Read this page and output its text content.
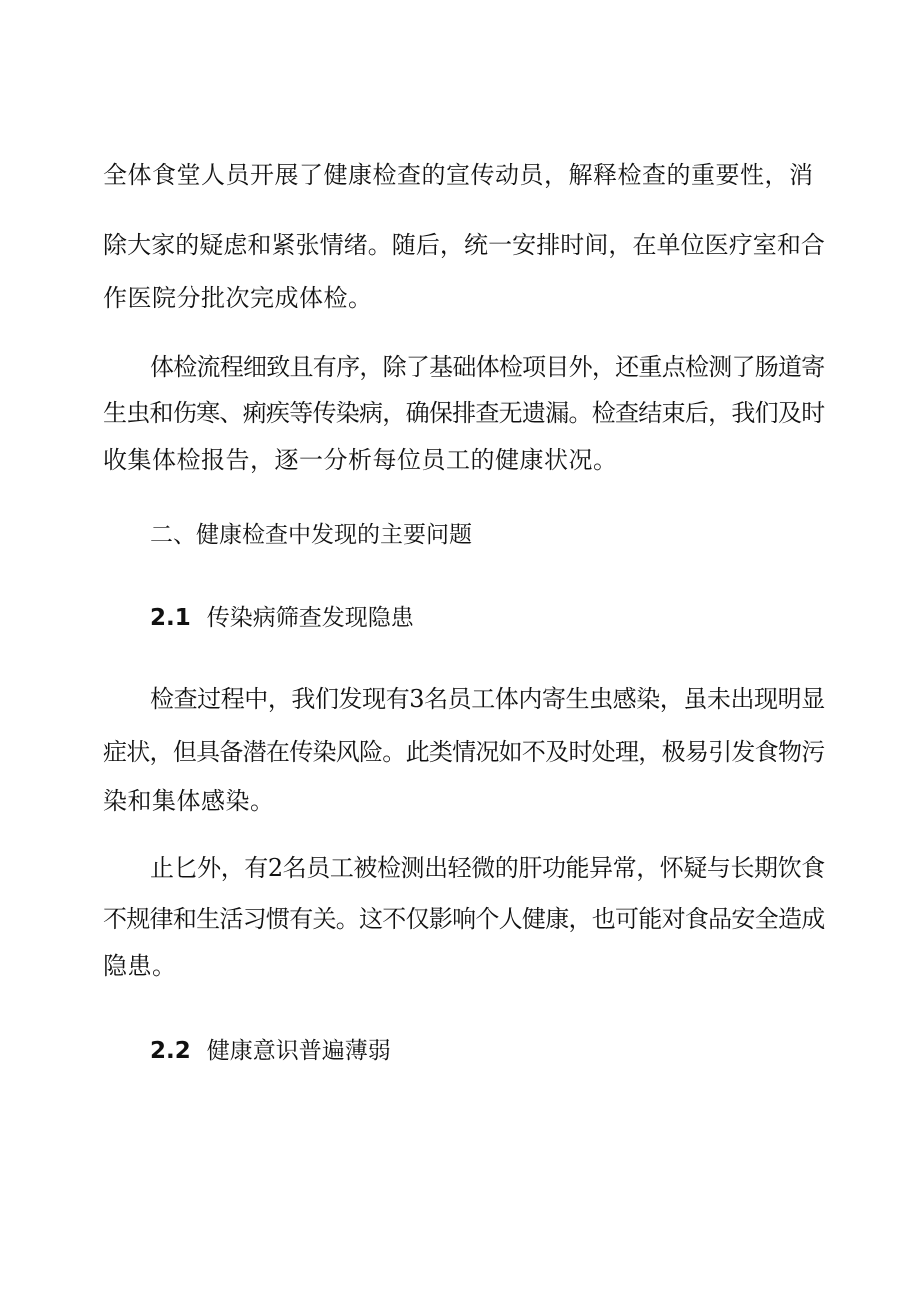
全体食堂人员开展了健康检查的宣传动员，解释检查的重要性，消
除大家的疑虑和紧张情绪。随后，统一安排时间，在单位医疗室和合
作医院分批次完成体检。
体检流程细致且有序，除了基础体检项目外，还重点检测了肠道寄
生虫和伤寒、痢疾等传染病，确保排查无遗漏。检查结束后，我们及时
收集体检报告，逐一分析每位员工的健康状况。
二、健康检查中发现的主要问题
2.1 传染病筛查发现隐患
检查过程中，我们发现有3名员工体内寄生虫感染，虽未出现明显
症状，但具备潜在传染风险。此类情况如不及时处理，极易引发食物污
染和集体感染。
止匕外，有2名员工被检测出轻微的肝功能异常，怀疑与长期饮食
不规律和生活习惯有关。这不仅影响个人健康，也可能对食品安全造成
隐患。
2.2 健康意识普遍薄弱
